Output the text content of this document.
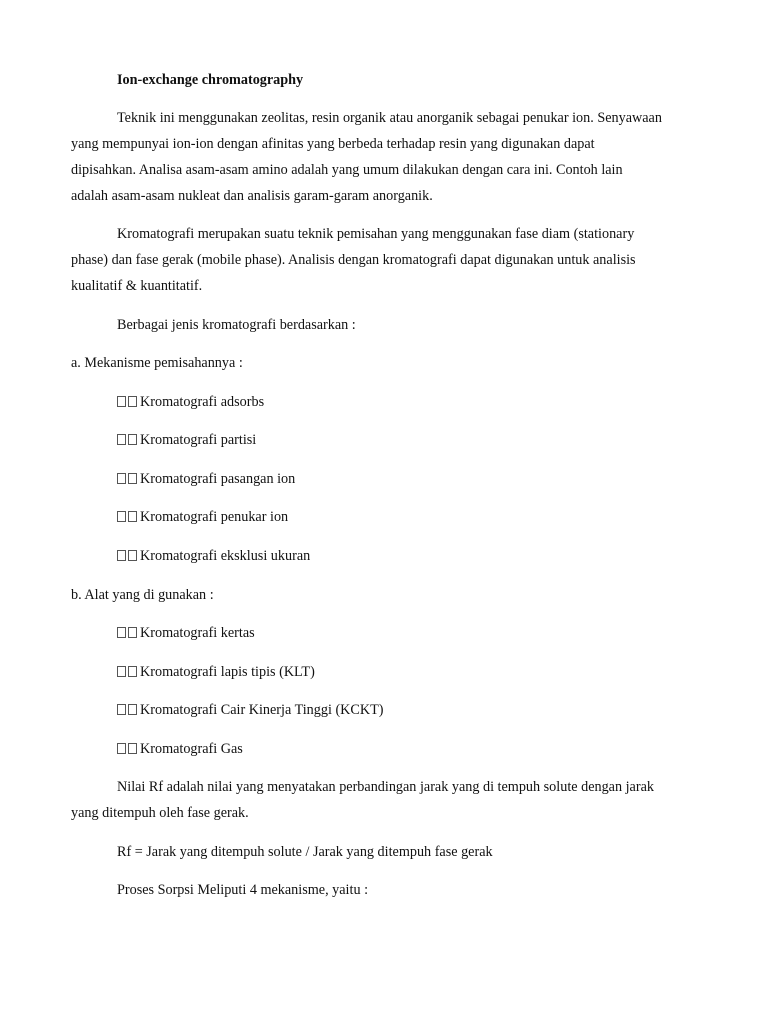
Ion-exchange chromatography
Teknik ini menggunakan zeolitas, resin organik atau anorganik sebagai penukar ion. Senyawaan
yang mempunyai ion-ion dengan afinitas yang berbeda terhadap resin yang digunakan dapat
dipisahkan. Analisa asam-asam amino adalah yang umum dilakukan dengan cara ini. Contoh lain
adalah asam-asam nukleat dan analisis garam-garam anorganik.
Kromatografi merupakan suatu teknik pemisahan yang menggunakan fase diam (stationary
phase) dan fase gerak (mobile phase). Analisis dengan kromatografi dapat digunakan untuk analisis
kualitatif & kuantitatif.
Berbagai jenis kromatografi berdasarkan :
a. Mekanisme pemisahannya :
Kromatografi adsorbs
Kromatografi partisi
Kromatografi pasangan ion
Kromatografi penukar ion
Kromatografi eksklusi ukuran
b. Alat yang di gunakan :
Kromatografi kertas
Kromatografi lapis tipis (KLT)
Kromatografi Cair Kinerja Tinggi (KCKT)
Kromatografi Gas
Nilai Rf adalah nilai yang menyatakan perbandingan jarak yang di tempuh solute dengan jarak
yang ditempuh oleh fase gerak.
Rf = Jarak yang ditempuh solute / Jarak yang ditempuh fase gerak
Proses Sorpsi Meliputi 4 mekanisme, yaitu :
